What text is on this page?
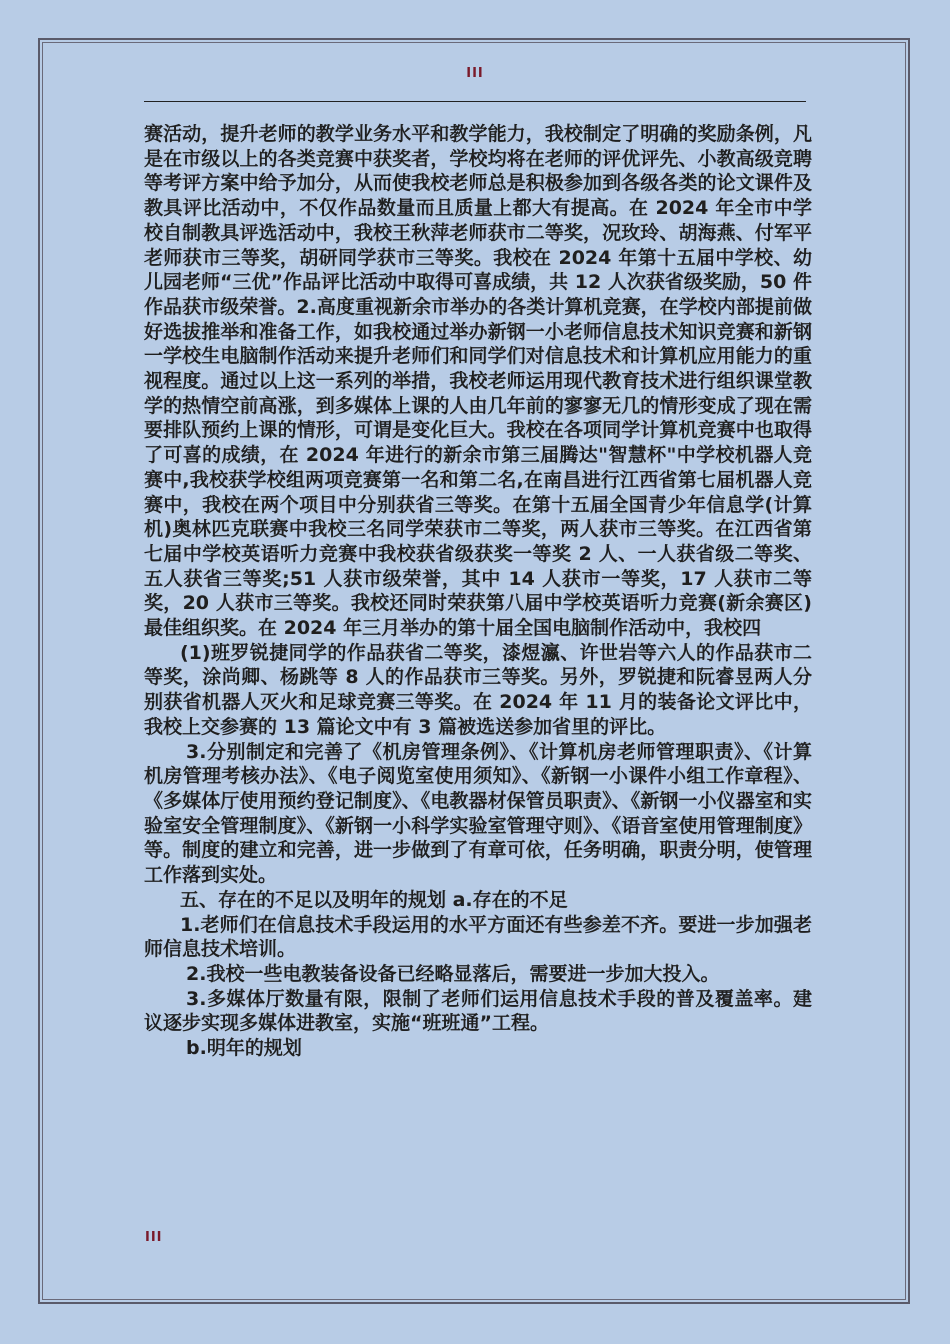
III

赛活动，提升老师的教学业务水平和教学能力，我校制定了明确的奖励条例，凡是在市级以上的各类竞赛中获奖者，学校均将在老师的评优评先、小教高级竞聘等考评方案中给予加分，从而使我校老师总是积极参加到各级各类的论文课件及教具评比活动中，不仅作品数量而且质量上都大有提高。在 2024 年全市中学校自制教具评选活动中，我校王秋萍老师获市二等奖，况玫玲、胡海燕、付军平老师获市三等奖，胡研同学获市三等奖。我校在 2024 年第十五届中学校、幼儿园老师“三优”作品评比活动中取得可喜成绩，共 12 人次获省级奖励，50 件作品获市级荣誉。2.高度重视新余市举办的各类计算机竞赛，在学校内部提前做好选拔推举和准备工作，如我校通过举办新钢一小老师信息技术知识竞赛和新钢一学校生电脑制作活动来提升老师们和同学们对信息技术和计算机应用能力的重视程度。通过以上这一系列的举措，我校老师运用现代教育技术进行组织课堂教学的热情空前高涨，到多媒体上课的人由几年前的寥寥无几的情形变成了现在需要排队预约上课的情形，可谓是变化巨大。我校在各项同学计算机竞赛中也取得了可喜的成绩，在 2024 年进行的新余市第三届腾达"智慧杯"中学校机器人竞赛中,我校获学校组两项竞赛第一名和第二名,在南昌进行江西省第七届机器人竞赛中，我校在两个项目中分别获省三等奖。在第十五届全国青少年信息学(计算机)奥林匹克联赛中我校三名同学荣获市二等奖，两人获市三等奖。在江西省第七届中学校英语听力竞赛中我校获省级获奖一等奖 2 人、一人获省级二等奖、五人获省三等奖;51 人获市级荣誉，其中 14 人获市一等奖，17 人获市二等奖，20 人获市三等奖。我校还同时荣获第八届中学校英语听力竞赛(新余赛区)最佳组织奖。在 2024 年三月举办的第十届全国电脑制作活动中，我校四

(1)班罗锐捷同学的作品获省二等奖，漆煜瀛、许世岩等六人的作品获市二等奖，涂尚卿、杨跳等 8 人的作品获市三等奖。另外，罗锐捷和阮睿昱两人分别获省机器人灭火和足球竞赛三等奖。在 2024 年 11 月的装备论文评比中，我校上交参赛的 13 篇论文中有 3 篇被选送参加省里的评比。

3.分别制定和完善了《机房管理条例》、《计算机房老师管理职责》、《计算机房管理考核办法》、《电子阅览室使用须知》、《新钢一小课件小组工作章程》、《多媒体厅使用预约登记制度》、《电教器材保管员职责》、《新钢一小仪器室和实验室安全管理制度》、《新钢一小科学实验室管理守则》、《语音室使用管理制度》等。制度的建立和完善，进一步做到了有章可依，任务明确，职责分明，使管理工作落到实处。

五、存在的不足以及明年的规划 a.存在的不足

1.老师们在信息技术手段运用的水平方面还有些参差不齐。要进一步加强老师信息技术培训。

2.我校一些电教装备设备已经略显落后，需要进一步加大投入。

3.多媒体厅数量有限，限制了老师们运用信息技术手段的普及覆盖率。建议逐步实现多媒体进教室，实施“班班通”工程。

b.明年的规划

III
